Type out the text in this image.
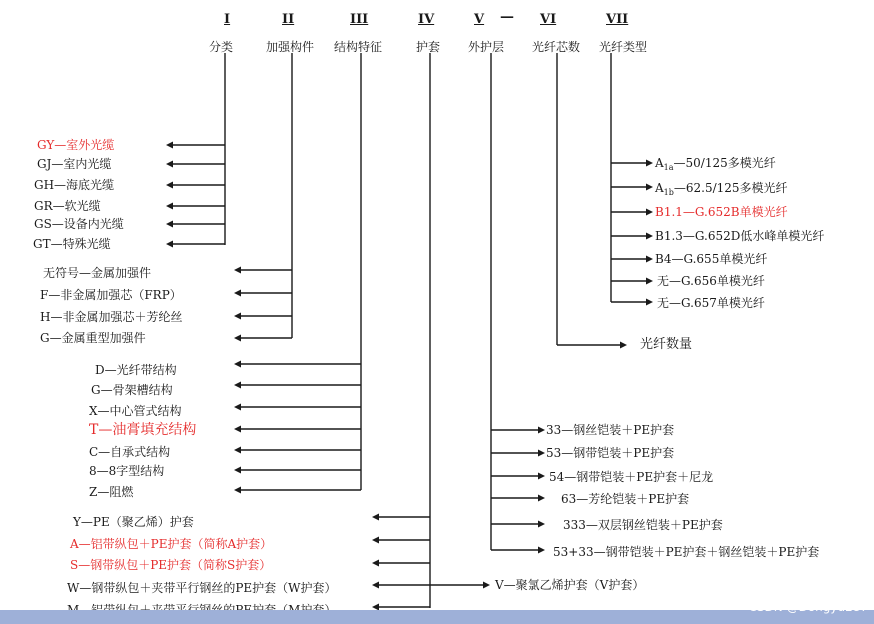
I
分类
II
加强构件
III
结构特征
IV
护套
V
外护层
— VI
光纤芯数
VII
光纤类型
GY—室外光缆
GJ—室内光缆
GH—海底光缆
GR—软光缆
GS—设备内光缆
GT—特殊光缆
无符号—金属加强件
F—非金属加强芯（FRP）
H—非金属加强芯＋芳纶丝
G—金属重型加强件
D—光纤带结构
G—骨架槽结构
X—中心管式结构
T—油膏填充结构
C—自承式结构
8—8字型结构
Z—阻燃
Y—PE（聚乙烯）护套
A—铝带纵包＋PE护套（简称A护套）
S—钢带纵包＋PE护套（简称S护套）
W—钢带纵包＋夹带平行钢丝的PE护套（W护套）	V—聚氯乙烯护套（V护套）
33—钢丝铠装＋PE护套
53—钢带铠装＋PE护套
54—钢带铠装＋PE护套＋尼龙
63—芳纶铠装＋PE护套
333—双层钢丝铠装＋PE护套
53+33—钢带铠装＋PE护套＋钢丝铠装＋PE护套
光纤数量
$A_{1a}—50/125$多模光纤
$A_{1b}—62.5/125$多模光纤
B1.1—G.652B单模光纤
B1.3—G.652D低水峰单模光纤
B4—G.655单模光纤
无—G.656单模光纤
无—G.657单模光纤
CSDN @Dongyu287
